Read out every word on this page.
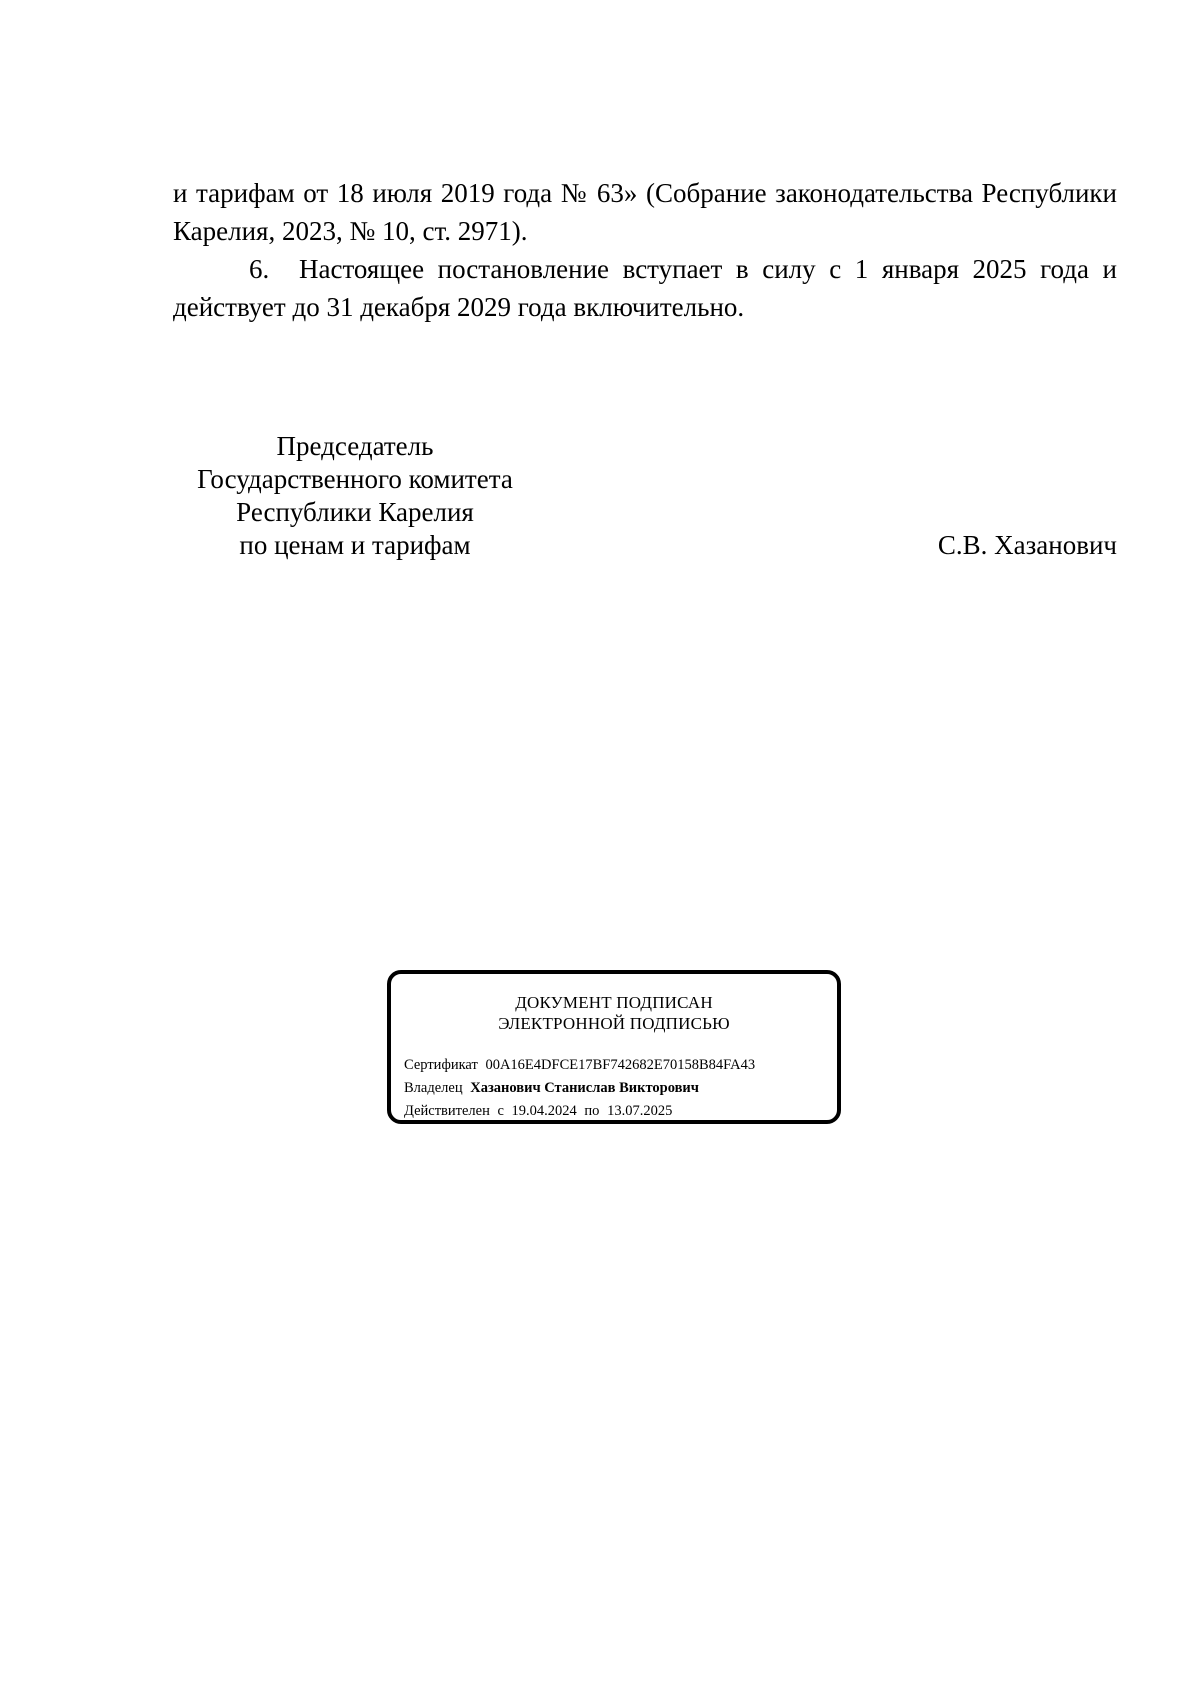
и тарифам от 18 июля 2019 года № 63» (Собрание законодательства Республики Карелия, 2023, № 10, ст. 2971).

6. Настоящее постановление вступает в силу с 1 января 2025 года и действует до 31 декабря 2029 года включительно.

Председатель
Государственного комитета
Республики Карелия
по ценам и тарифам	С.В. Хазанович
ДОКУМЕНТ ПОДПИСАН
ЭЛЕКТРОННОЙ ПОДПИСЬЮ
Сертификат 00A16E4DFCE17BF742682E70158B84FA43
Владелец Хазанович Станислав Викторович
Действителен с 19.04.2024 по 13.07.2025
